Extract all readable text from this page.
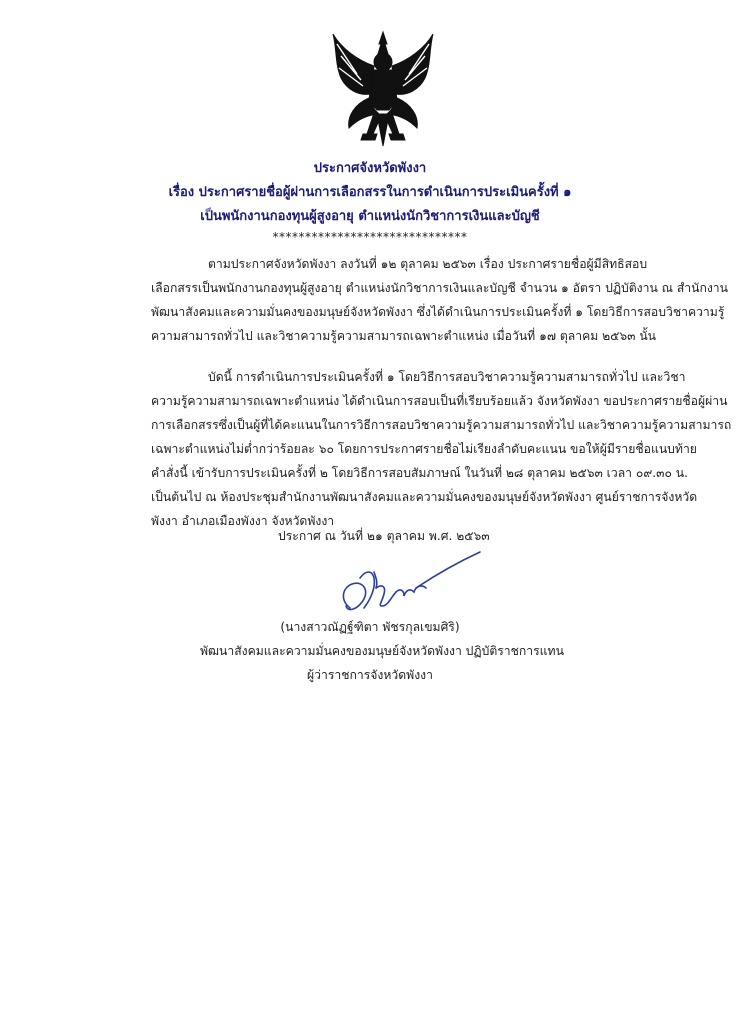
ประกาศจังหวัดพังงา
เรื่อง ประกาศรายชื่อผู้ผ่านการเลือกสรรในการดำเนินการประเมินครั้งที่ ๑
เป็นพนักงานกองทุนผู้สูงอายุ ตำแหน่งนักวิชาการเงินและบัญชี
******************************
ตามประกาศจังหวัดพังงา ลงวันที่ ๑๒ ตุลาคม ๒๕๖๓ เรื่อง ประกาศรายชื่อผู้มีสิทธิสอบ
เลือกสรรเป็นพนักงานกองทุนผู้สูงอายุ ตำแหน่งนักวิชาการเงินและบัญชี จำนวน ๑ อัตรา ปฏิบัติงาน ณ สำนักงาน
พัฒนาสังคมและความมั่นคงของมนุษย์จังหวัดพังงา ซึ่งได้ดำเนินการประเมินครั้งที่ ๑ โดยวิธีการสอบวิชาความรู้
ความสามารถทั่วไป และวิชาความรู้ความสามารถเฉพาะตำแหน่ง เมื่อวันที่ ๑๗ ตุลาคม ๒๕๖๓ นั้น
บัดนี้ การดำเนินการประเมินครั้งที่ ๑ โดยวิธีการสอบวิชาความรู้ความสามารถทั่วไป และวิชา
ความรู้ความสามารถเฉพาะตำแหน่ง ได้ดำเนินการสอบเป็นที่เรียบร้อยแล้ว จังหวัดพังงา ขอประกาศรายชื่อผู้ผ่าน
การเลือกสรรซึ่งเป็นผู้ที่ได้คะแนนในการวิธีการสอบวิชาความรู้ความสามารถทั่วไป และวิชาความรู้ความสามารถ
เฉพาะตำแหน่งไม่ต่ำกว่าร้อยละ ๖๐ โดยการประกาศรายชื่อไม่เรียงลำดับคะแนน ขอให้ผู้มีรายชื่อแนบท้าย
คำสั่งนี้ เข้ารับการประเมินครั้งที่ ๒ โดยวิธีการสอบสัมภาษณ์ ในวันที่ ๒๘ ตุลาคม ๒๕๖๓ เวลา ๐๙.๓๐ น.
เป็นต้นไป ณ ห้องประชุมสำนักงานพัฒนาสังคมและความมั่นคงของมนุษย์จังหวัดพังงา ศูนย์ราชการจังหวัด
พังงา อำเภอเมืองพังงา จังหวัดพังงา
ประกาศ ณ วันที่ ๒๑ ตุลาคม พ.ศ. ๒๕๖๓
(นางสาวณัฏฐ์ฑิตา พัชรกุลเขมศิริ)
พัฒนาสังคมและความมั่นคงของมนุษย์จังหวัดพังงา ปฏิบัติราชการแทน
ผู้ว่าราชการจังหวัดพังงา
